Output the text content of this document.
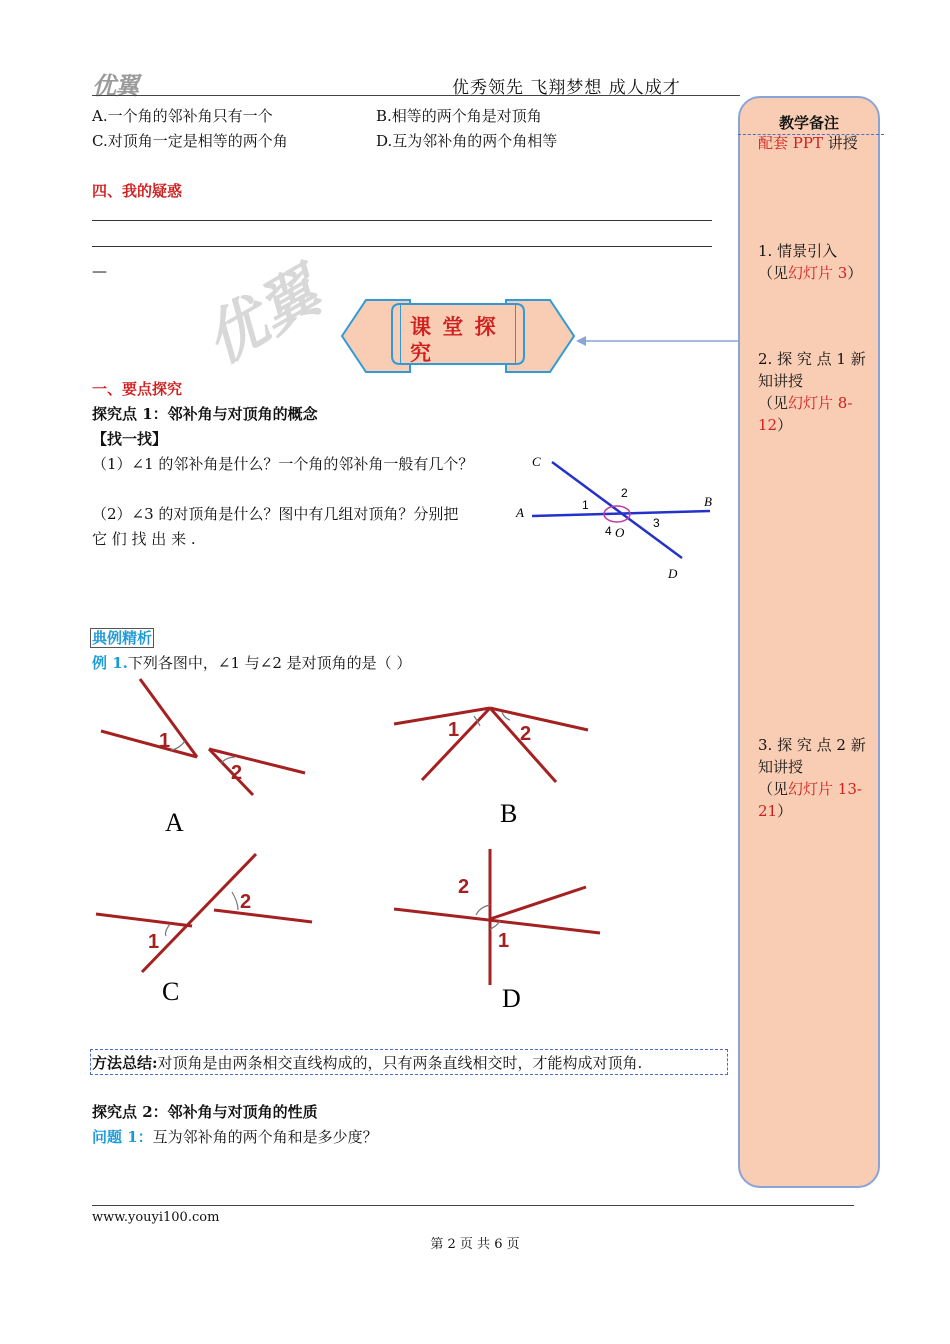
优翼
优翼	优秀领先 飞翔梦想 成人成才
A.一个角的邻补角只有一个	B.相等的两个角是对顶角
C.对顶角一定是相等的两个角	D.互为邻补角的两个角相等
四、我的疑惑
—
课 堂 探 究
一、要点探究
探究点 1：邻补角与对顶角的概念
【找一找】
（1）∠1 的邻补角是什么？一个角的邻补角一般有几个？
（2）∠3 的对顶角是什么？图中有几组对顶角？分别把
它 们 找 出 来 .
C
A
B
D
O
1
2
3
4
典例精析
例 1.下列各图中，∠1 与∠2 是对顶角的是（ ）
1
2
A
1	2
B
1
2
C
2
1
D
方法总结:对顶角是由两条相交直线构成的，只有两条直线相交时，才能构成对顶角.
探究点 2：邻补角与对顶角的性质
问题 1：互为邻补角的两个角和是多少度？
教学备注
配套 PPT 讲授
1. 情景引入
（见幻灯片 3）
2. 探 究 点 1 新
知讲授
（见幻灯片 8-
12）
3. 探 究 点 2 新
知讲授
（见幻灯片 13-
21）
www.youyi100.com
第 2 页 共 6 页
